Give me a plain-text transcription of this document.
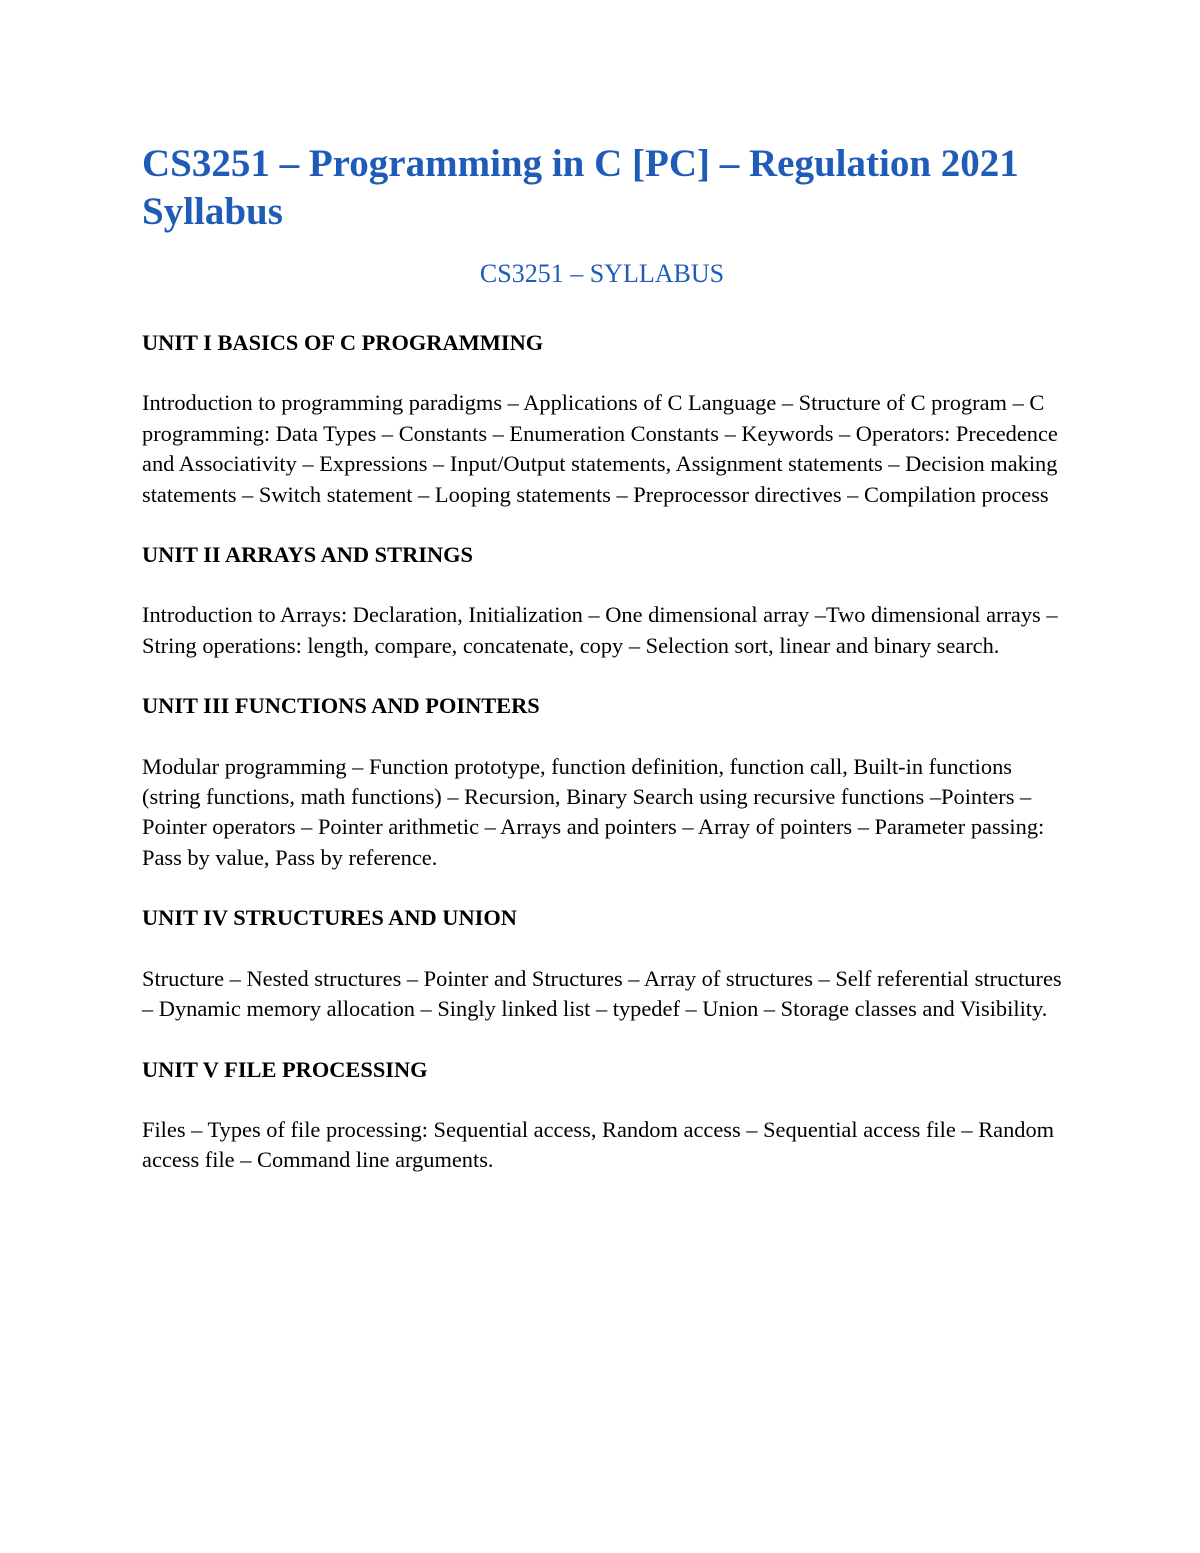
CS3251 – Programming in C [PC] – Regulation 2021 Syllabus
CS3251 – SYLLABUS
UNIT I BASICS OF C PROGRAMMING

Introduction to programming paradigms – Applications of C Language – Structure of C program – C programming: Data Types – Constants – Enumeration Constants – Keywords – Operators: Precedence and Associativity – Expressions – Input/Output statements, Assignment statements – Decision making statements – Switch statement – Looping statements – Preprocessor directives – Compilation process

UNIT II ARRAYS AND STRINGS

Introduction to Arrays: Declaration, Initialization – One dimensional array –Two dimensional arrays – String operations: length, compare, concatenate, copy – Selection sort, linear and binary search.

UNIT III FUNCTIONS AND POINTERS

Modular programming – Function prototype, function definition, function call, Built-in functions (string functions, math functions) – Recursion, Binary Search using recursive functions –Pointers – Pointer operators – Pointer arithmetic – Arrays and pointers – Array of pointers – Parameter passing: Pass by value, Pass by reference.

UNIT IV STRUCTURES AND UNION

Structure – Nested structures – Pointer and Structures – Array of structures – Self referential structures – Dynamic memory allocation – Singly linked list – typedef – Union – Storage classes and Visibility.

UNIT V FILE PROCESSING

Files – Types of file processing: Sequential access, Random access – Sequential access file – Random access file – Command line arguments.
